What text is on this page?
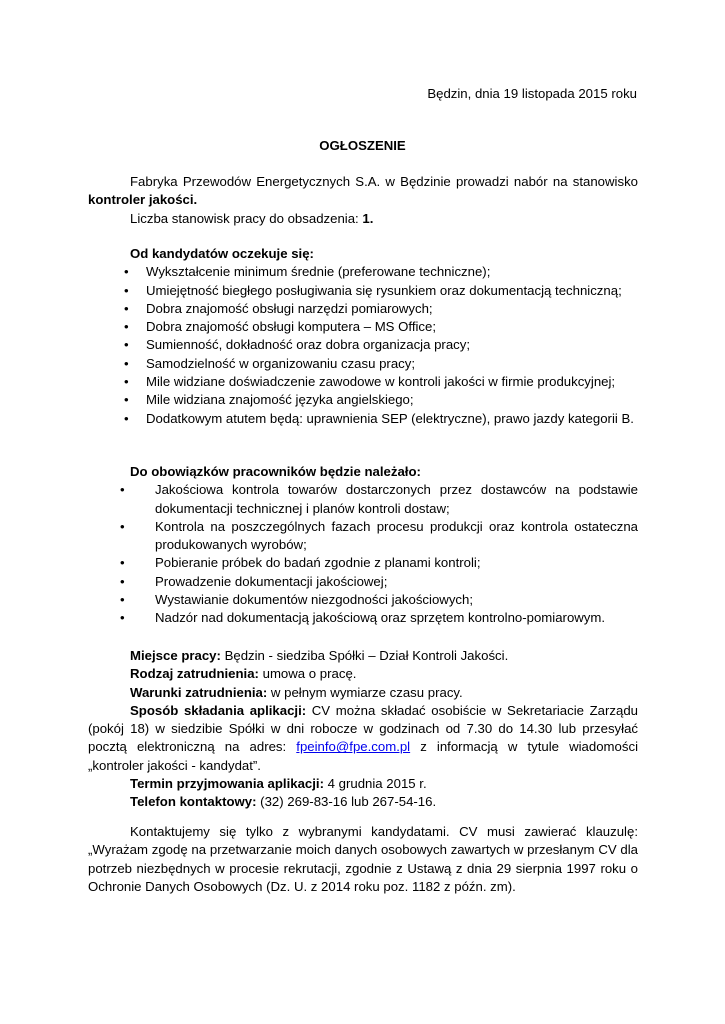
Będzin, dnia 19 listopada 2015 roku
OGŁOSZENIE

Fabryka Przewodów Energetycznych S.A. w Będzinie prowadzi nabór na stanowisko

kontroler jakości.

Liczba stanowisk pracy do obsadzenia: 1.

Od kandydatów oczekuje się:

• Wykształcenie minimum średnie (preferowane techniczne);
• Umiejętność biegłego posługiwania się rysunkiem oraz dokumentacją techniczną;
• Dobra znajomość obsługi narzędzi pomiarowych;
• Dobra znajomość obsługi komputera – MS Office;
• Sumienność, dokładność oraz dobra organizacja pracy;
• Samodzielność w organizowaniu czasu pracy;
• Mile widziane doświadczenie zawodowe w kontroli jakości w firmie produkcyjnej;
• Mile widziana znajomość języka angielskiego;
• Dodatkowym atutem będą: uprawnienia SEP (elektryczne), prawo jazdy kategorii B.

Do obowiązków pracowników będzie należało:

• Jakościowa kontrola towarów dostarczonych przez dostawców na podstawie dokumentacji technicznej i planów kontroli dostaw;
• Kontrola na poszczególnych fazach procesu produkcji oraz kontrola ostateczna produkowanych wyrobów;
• Pobieranie próbek do badań zgodnie z planami kontroli;
• Prowadzenie dokumentacji jakościowej;
• Wystawianie dokumentów niezgodności jakościowych;
• Nadzór nad dokumentacją jakościową oraz sprzętem kontrolno-pomiarowym.

Miejsce pracy: Będzin - siedziba Spółki – Dział Kontroli Jakości.

Rodzaj zatrudnienia: umowa o pracę.

Warunki zatrudnienia: w pełnym wymiarze czasu pracy.

Sposób składania aplikacji: CV można składać osobiście w Sekretariacie Zarządu (pokój 18) w siedzibie Spółki w dni robocze w godzinach od 7.30 do 14.30 lub przesyłać pocztą elektroniczną na adres: fpeinfo@fpe.com.pl z informacją w tytule wiadomości „kontroler jakości - kandydat”.

Termin przyjmowania aplikacji: 4 grudnia 2015 r.

Telefon kontaktowy: (32) 269-83-16 lub 267-54-16.

Kontaktujemy się tylko z wybranymi kandydatami. CV musi zawierać klauzulę: „Wyrażam zgodę na przetwarzanie moich danych osobowych zawartych w przesłanym CV dla potrzeb niezbędnych w procesie rekrutacji, zgodnie z Ustawą z dnia 29 sierpnia 1997 roku o Ochronie Danych Osobowych (Dz. U. z 2014 roku poz. 1182 z późn. zm).
